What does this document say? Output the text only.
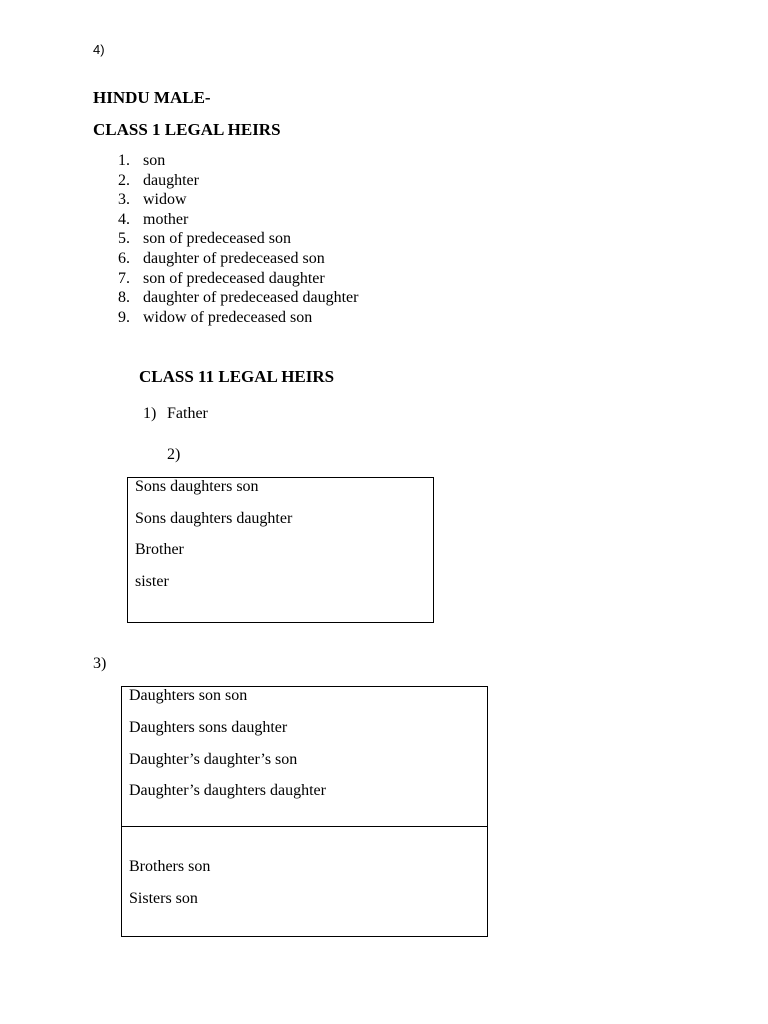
4)
HINDU MALE-
CLASS 1 LEGAL HEIRS
1. son
2. daughter
3. widow
4. mother
5. son of predeceased son
6. daughter of predeceased son
7. son of predeceased daughter
8. daughter of predeceased daughter
9. widow of predeceased son
CLASS 11 LEGAL HEIRS
1) Father
2)
Sons daughters son
Sons daughters daughter
Brother
sister
3)
Daughters son son
Daughters sons daughter
Daughter’s daughter’s son
Daughter’s daughters daughter
Brothers son
Sisters son
